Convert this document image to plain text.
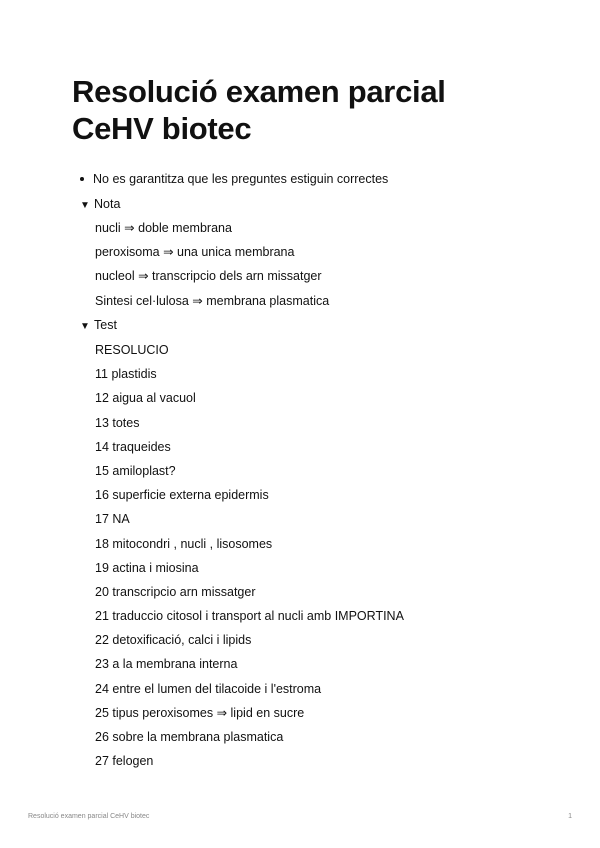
Resolució examen parcial
CeHV biotec
No es garantitza que les preguntes estiguin correctes
▼ Nota
nucli ⇒ doble membrana
peroxisoma ⇒ una unica membrana
nucleol ⇒ transcripcio dels arn missatger
Sintesi cel·lulosa ⇒ membrana plasmatica
▼ Test
RESOLUCIO
11 plastidis
12 aigua al vacuol
13 totes
14 traqueides
15 amiloplast?
16 superficie externa epidermis
17 NA
18 mitocondri , nucli , lisosomes
19 actina i miosina
20 transcripcio arn missatger
21 traduccio citosol i transport al nucli amb IMPORTINA
22 detoxificació, calci i lipids
23 a la membrana interna
24 entre el lumen del tilacoide i l'estroma
25 tipus peroxisomes ⇒ lipid en sucre
26 sobre la membrana plasmatica
27 felogen
Resolució examen parcial CeHV biotec	1
